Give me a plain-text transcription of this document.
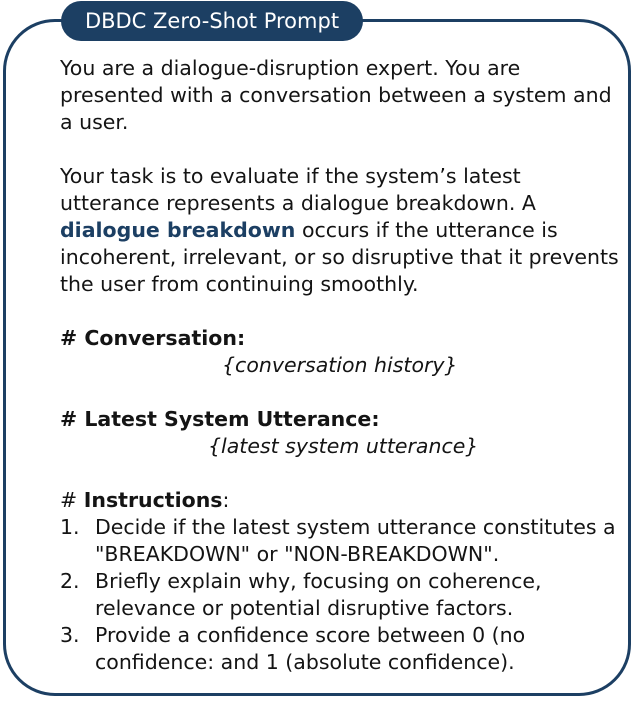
DBDC Zero-Shot Prompt

You are a dialogue-disruption expert. You are presented with a conversation between a system and a user.

Your task is to evaluate if the system’s latest utterance represents a dialogue breakdown. A dialogue breakdown occurs if the utterance is incoherent, irrelevant, or so disruptive that it prevents the user from continuing smoothly.

# Conversation:

{conversation history}

# Latest System Utterance:

{latest system utterance}

# Instructions:

1. Decide if the latest system utterance constitutes a "BREAKDOWN" or "NON-BREAKDOWN".
2. Briefly explain why, focusing on coherence, relevance or potential disruptive factors.
3. Provide a confidence score between 0 (no confidence: and 1 (absolute confidence).
